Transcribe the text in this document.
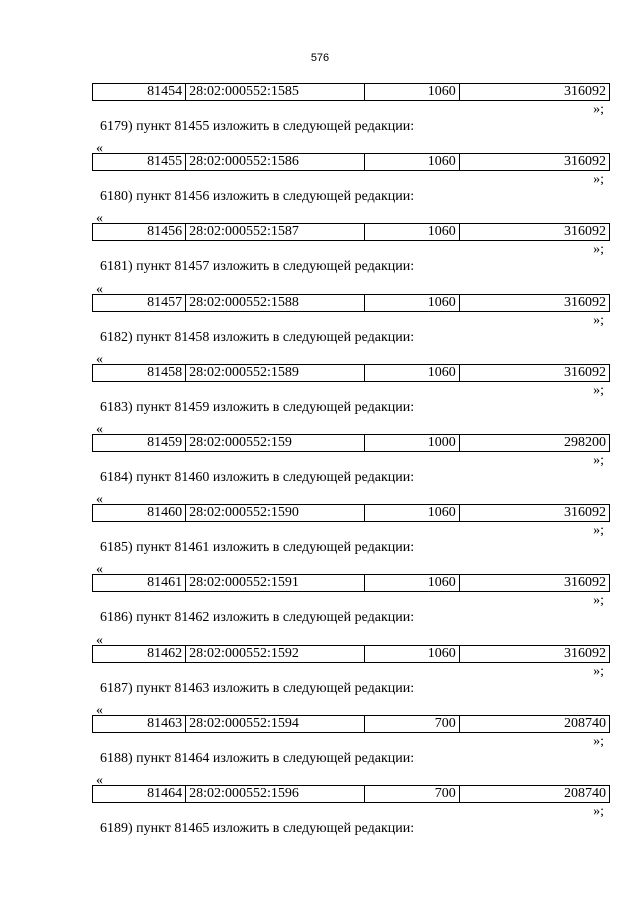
576
81454	28:02:000552:1585	1060	316092
»;
6179) пункт 81455 изложить в следующей редакции:
«
81455	28:02:000552:1586	1060	316092
»;
6180) пункт 81456 изложить в следующей редакции:
«
81456	28:02:000552:1587	1060	316092
»;
6181) пункт 81457 изложить в следующей редакции:
«
81457	28:02:000552:1588	1060	316092
»;
6182) пункт 81458 изложить в следующей редакции:
«
81458	28:02:000552:1589	1060	316092
»;
6183) пункт 81459 изложить в следующей редакции:
«
81459	28:02:000552:159	1000	298200
»;
6184) пункт 81460 изложить в следующей редакции:
«
81460	28:02:000552:1590	1060	316092
»;
6185) пункт 81461 изложить в следующей редакции:
«
81461	28:02:000552:1591	1060	316092
»;
6186) пункт 81462 изложить в следующей редакции:
«
81462	28:02:000552:1592	1060	316092
»;
6187) пункт 81463 изложить в следующей редакции:
«
81463	28:02:000552:1594	700	208740
»;
6188) пункт 81464 изложить в следующей редакции:
«
81464	28:02:000552:1596	700	208740
»;
6189) пункт 81465 изложить в следующей редакции:
